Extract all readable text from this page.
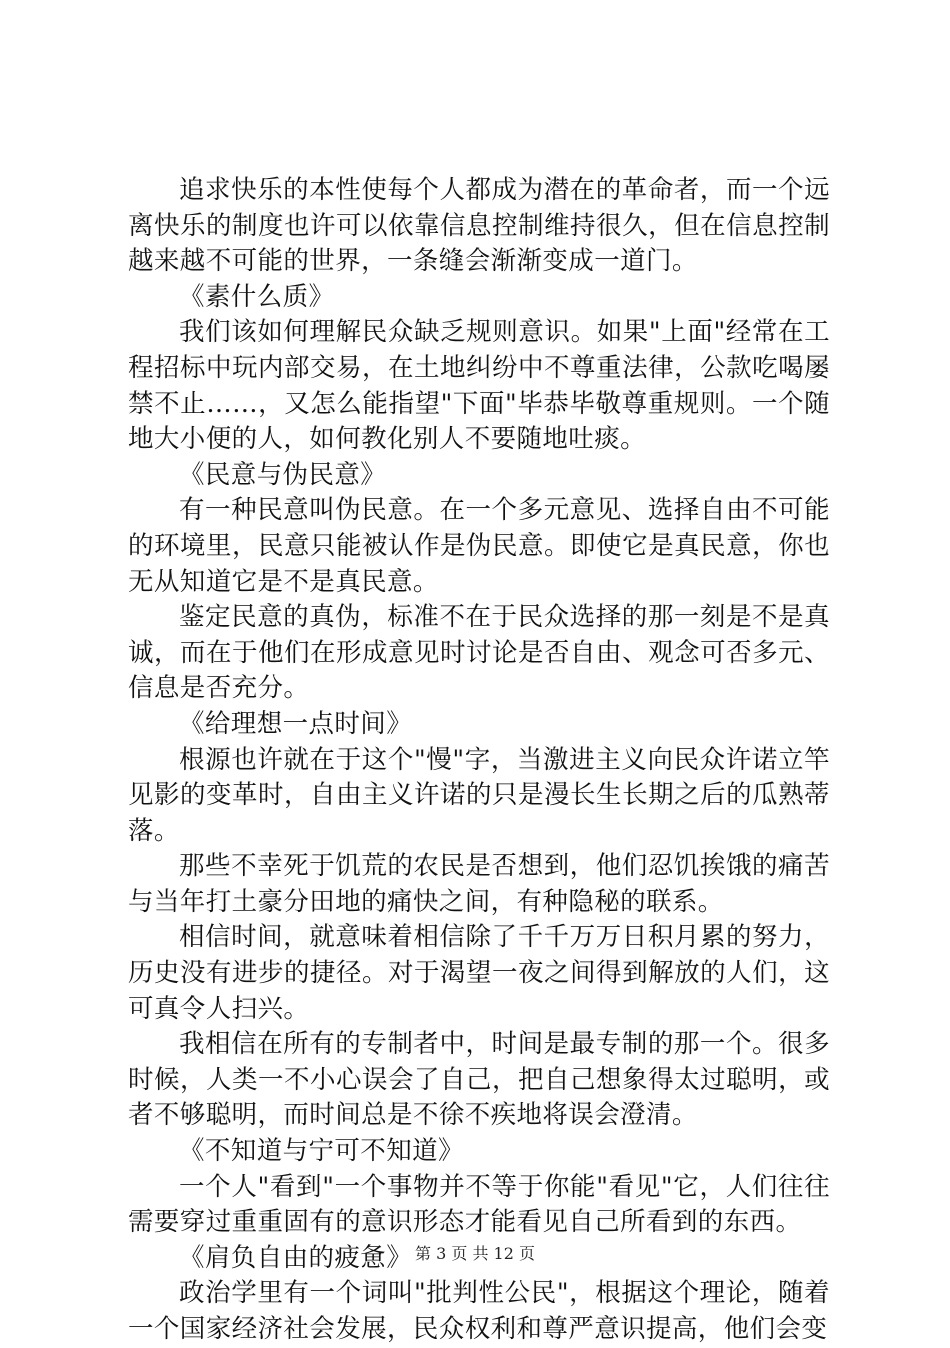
追求快乐的本性使每个人都成为潜在的革命者，而一个远离快乐的制度也许可以依靠信息控制维持很久，但在信息控制越来越不可能的世界，一条缝会渐渐变成一道门。

《素什么质》

我们该如何理解民众缺乏规则意识。如果"上面"经常在工程招标中玩内部交易，在土地纠纷中不尊重法律，公款吃喝屡禁不止……，又怎么能指望"下面"毕恭毕敬尊重规则。一个随地大小便的人，如何教化别人不要随地吐痰。

《民意与伪民意》

有一种民意叫伪民意。在一个多元意见、选择自由不可能的环境里，民意只能被认作是伪民意。即使它是真民意，你也无从知道它是不是真民意。

鉴定民意的真伪，标准不在于民众选择的那一刻是不是真诚，而在于他们在形成意见时讨论是否自由、观念可否多元、信息是否充分。

《给理想一点时间》

根源也许就在于这个"慢"字，当激进主义向民众许诺立竿见影的变革时，自由主义许诺的只是漫长生长期之后的瓜熟蒂落。

那些不幸死于饥荒的农民是否想到，他们忍饥挨饿的痛苦与当年打土豪分田地的痛快之间，有种隐秘的联系。

相信时间，就意味着相信除了千千万万日积月累的努力，历史没有进步的捷径。对于渴望一夜之间得到解放的人们，这可真令人扫兴。

我相信在所有的专制者中，时间是最专制的那一个。很多时候，人类一不小心误会了自己，把自己想象得太过聪明，或者不够聪明，而时间总是不徐不疾地将误会澄清。

《不知道与宁可不知道》

一个人"看到"一个事物并不等于你能"看见"它，人们往往需要穿过重重固有的意识形态才能看见自己所看到的东西。

《肩负自由的疲惫》

政治学里有一个词叫"批判性公民"，根据这个理论，随着一个国家经济社会发展，民众权利和尊严意识提高，他们会变

第 3 页 共 12 页
